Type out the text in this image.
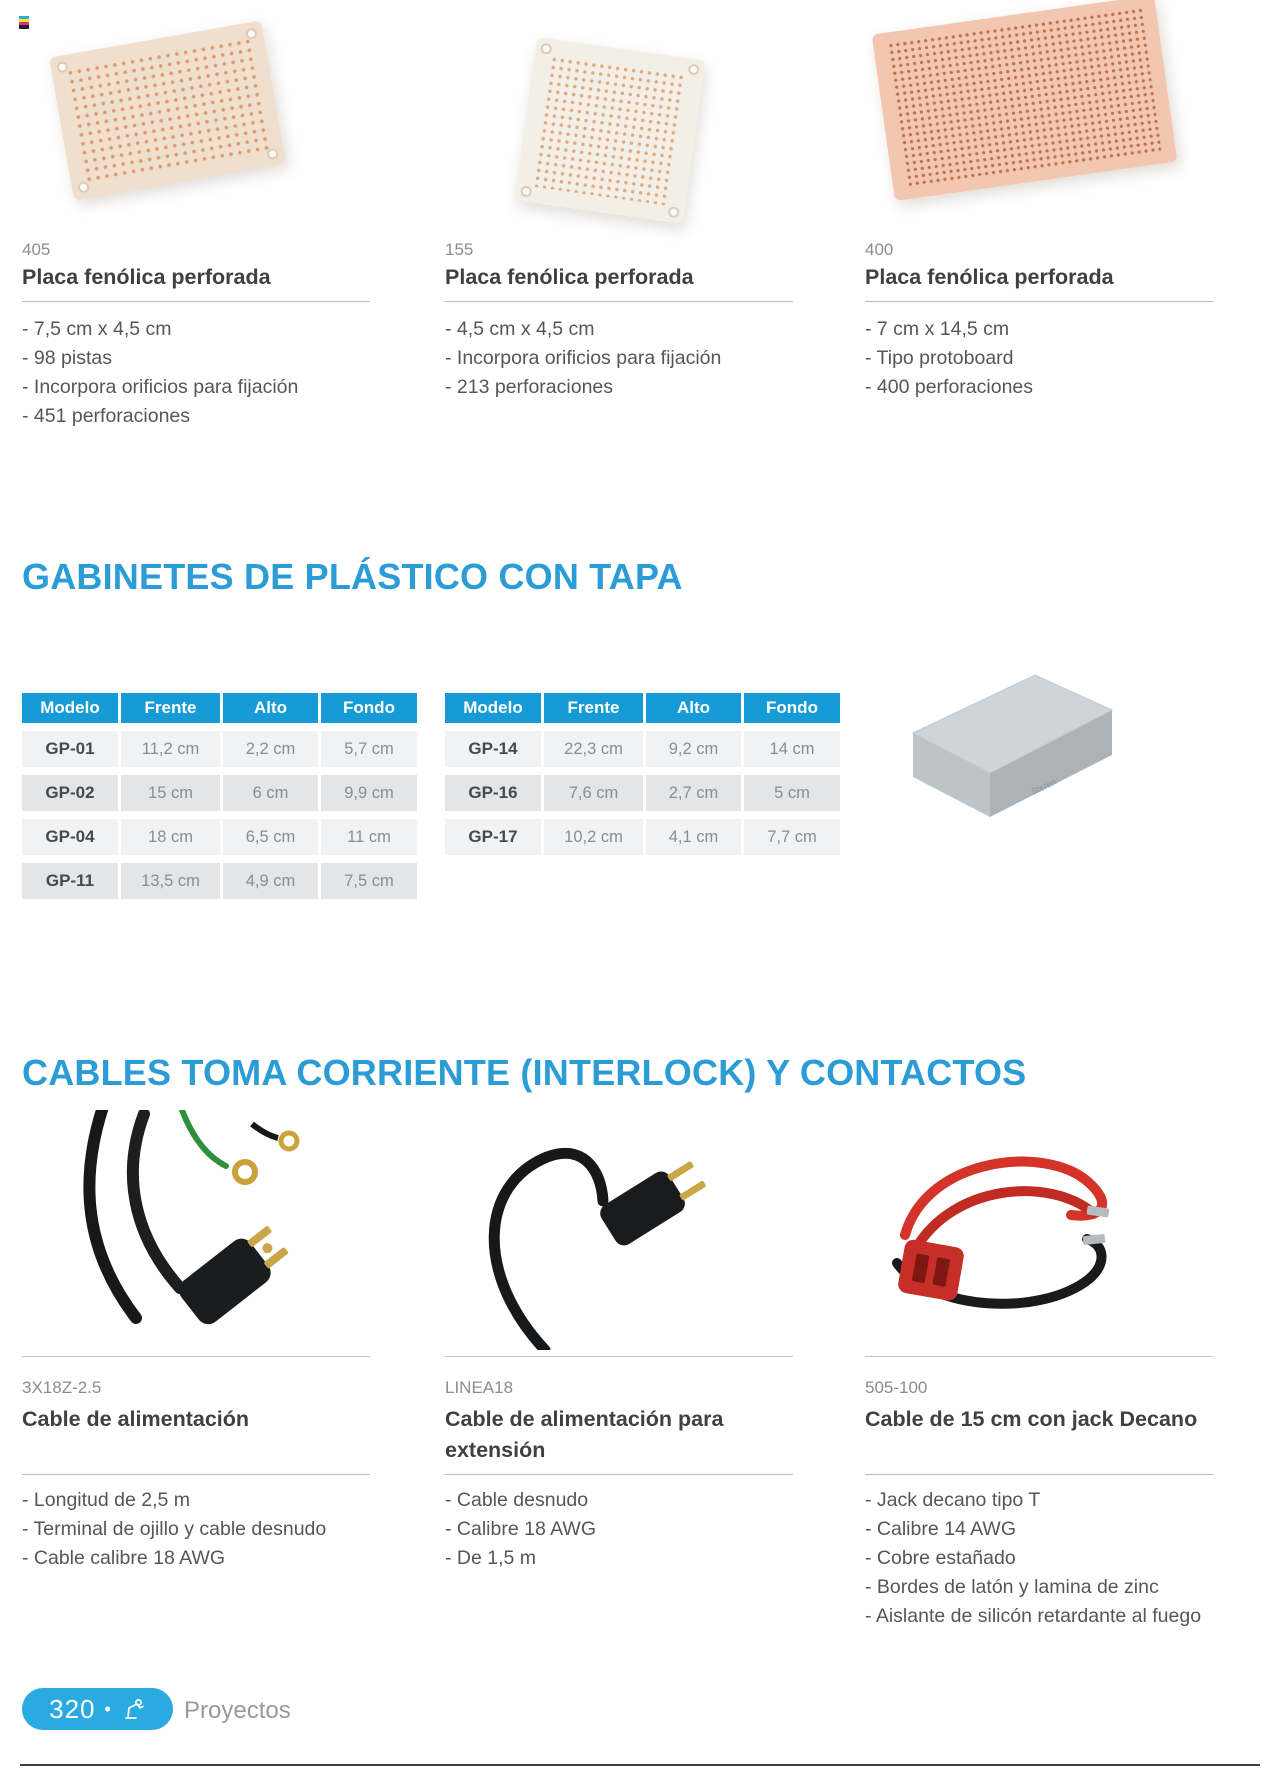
405
Placa fenólica perforada
- 7,5 cm x 4,5 cm
- 98 pistas
- Incorpora orificios para fijación
- 451 perforaciones
155
Placa fenólica perforada
- 4,5 cm x 4,5 cm
- Incorpora orificios para fijación
- 213 perforaciones
400
Placa fenólica perforada
- 7 cm x 14,5 cm
- Tipo protoboard
- 400 perforaciones
GABINETES DE PLÁSTICO CON TAPA
Modelo	Frente	Alto	Fondo
GP-01	11,2 cm	2,2 cm	5,7 cm
GP-02	15 cm	6 cm	9,9 cm
GP-04	18 cm	6,5 cm	11 cm
GP-11	13,5 cm	4,9 cm	7,5 cm
Modelo	Frente	Alto	Fondo
GP-14	22,3 cm	9,2 cm	14 cm
GP-16	7,6 cm	2,7 cm	5 cm
GP-17	10,2 cm	4,1 cm	7,7 cm
Steren
CABLES TOMA CORRIENTE (INTERLOCK) Y CONTACTOS
3X18Z-2.5
Cable de alimentación
- Longitud de 2,5 m
- Terminal de ojillo y cable desnudo
- Cable calibre 18 AWG
LINEA18
Cable de alimentación para extensión
- Cable desnudo
- Calibre 18 AWG
- De 1,5 m
505-100
Cable de 15 cm con jack Decano
- Jack decano tipo T
- Calibre 14 AWG
- Cobre estañado
- Bordes de latón y lamina de zinc
- Aislante de silicón retardante al fuego
320 •	Proyectos
